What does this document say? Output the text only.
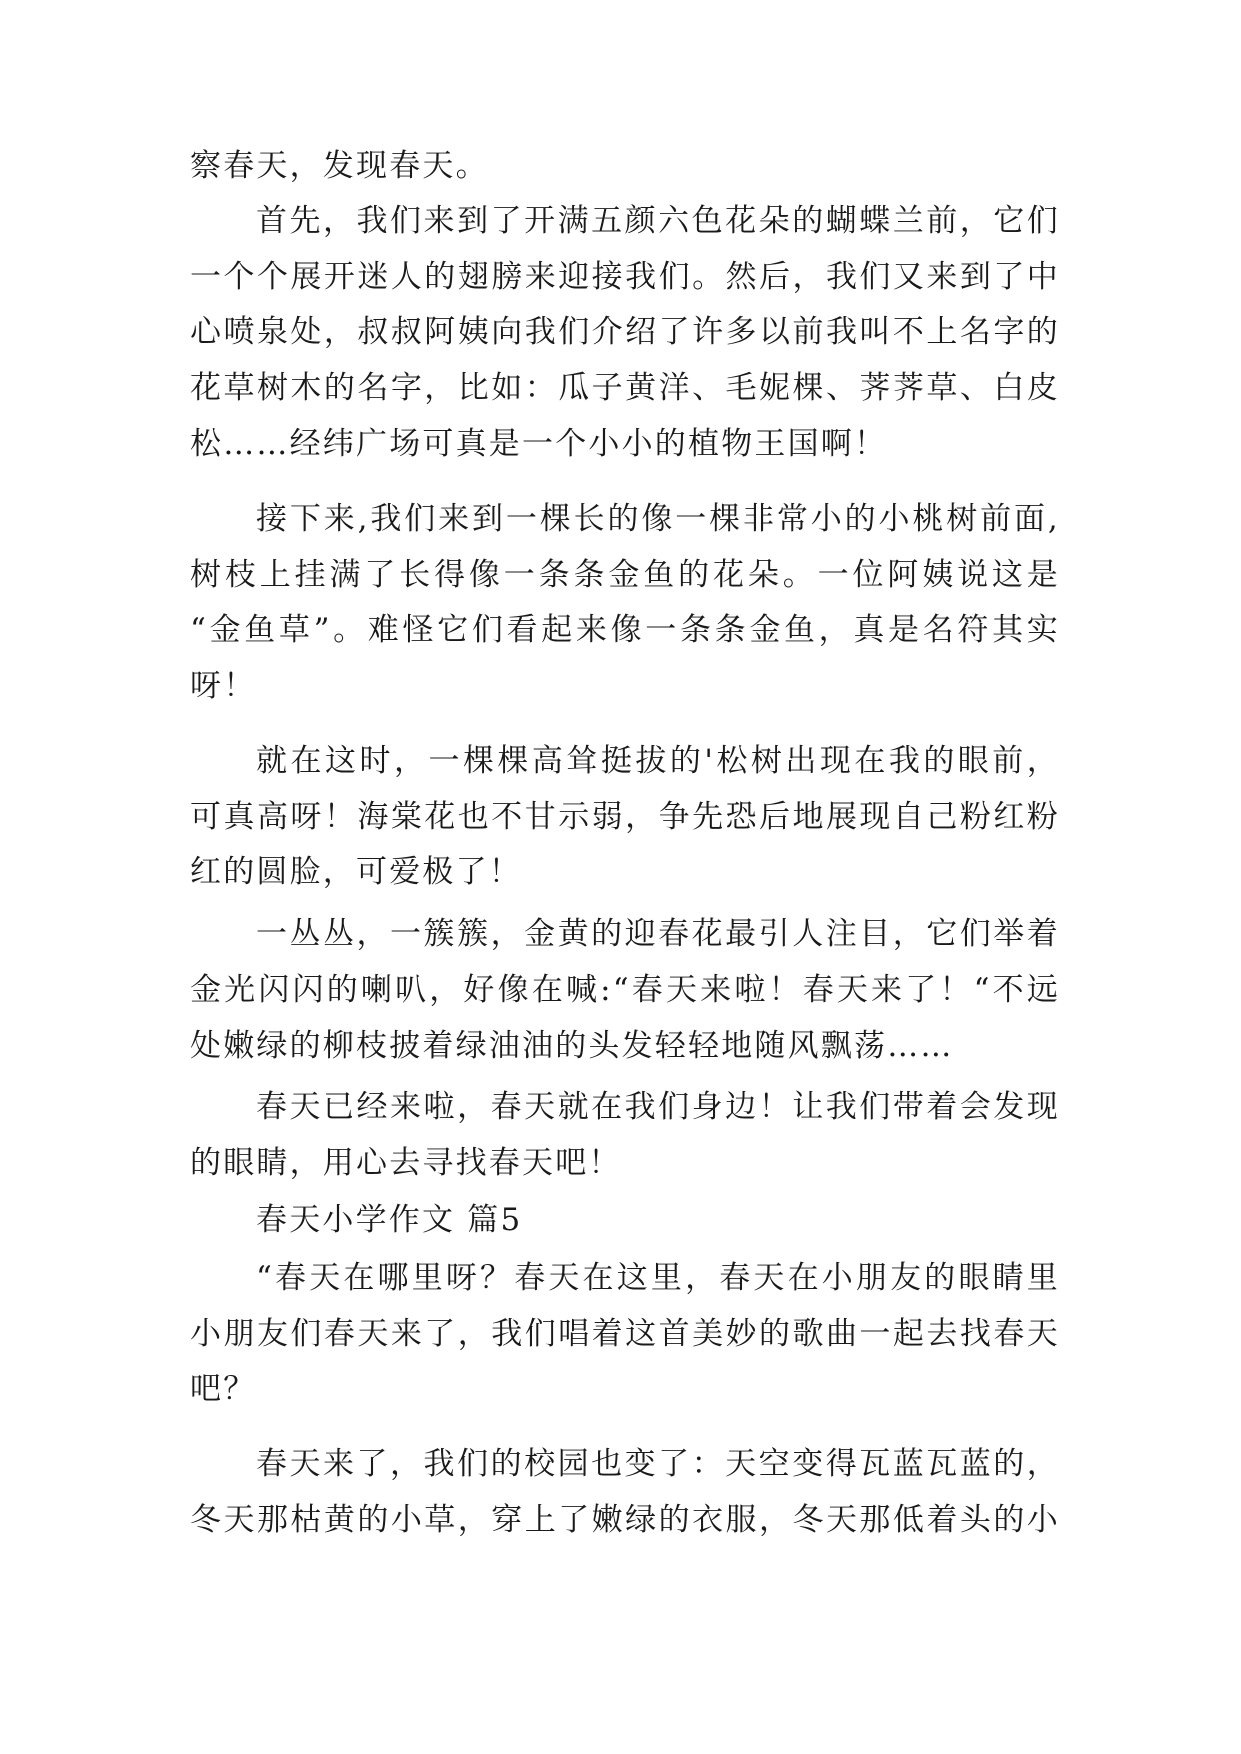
察春天，发现春天。
首先，我们来到了开满五颜六色花朵的蝴蝶兰前，它们
一个个展开迷人的翅膀来迎接我们。然后，我们又来到了中
心喷泉处，叔叔阿姨向我们介绍了许多以前我叫不上名字的
花草树木的名字，比如：瓜子黄洋、毛妮棵、荠荠草、白皮
松……经纬广场可真是一个小小的植物王国啊！
接下来,我们来到一棵长的像一棵非常小的小桃树前面,
树枝上挂满了长得像一条条金鱼的花朵。一位阿姨说这是
“金鱼草”。难怪它们看起来像一条条金鱼，真是名符其实
呀！
就在这时，一棵棵高耸挺拔的'松树出现在我的眼前，
可真高呀！海棠花也不甘示弱，争先恐后地展现自己粉红粉
红的圆脸，可爱极了！
一丛丛，一簇簇，金黄的迎春花最引人注目，它们举着
金光闪闪的喇叭，好像在喊:“春天来啦！春天来了！“不远
处嫩绿的柳枝披着绿油油的头发轻轻地随风飘荡……
春天已经来啦，春天就在我们身边！让我们带着会发现
的眼睛，用心去寻找春天吧！
春天小学作文 篇5
“春天在哪里呀？春天在这里，春天在小朋友的眼睛里
小朋友们春天来了，我们唱着这首美妙的歌曲一起去找春天
吧？
春天来了，我们的校园也变了：天空变得瓦蓝瓦蓝的，
冬天那枯黄的小草，穿上了嫩绿的衣服，冬天那低着头的小
